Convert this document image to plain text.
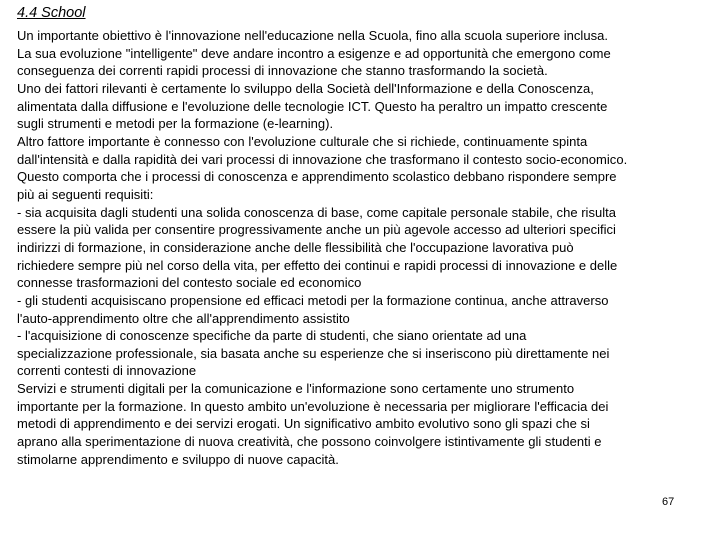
4.4 School
Un importante obiettivo è l'innovazione nell'educazione nella Scuola, fino alla scuola superiore inclusa.
La sua evoluzione "intelligente" deve andare incontro a esigenze e ad opportunità che emergono come
conseguenza dei correnti rapidi processi di innovazione che stanno trasformando la società.
Uno dei fattori rilevanti è certamente lo sviluppo della Società dell'Informazione e della Conoscenza,
alimentata dalla diffusione e l'evoluzione delle tecnologie ICT. Questo ha peraltro un impatto crescente
sugli strumenti e metodi per la formazione (e-learning).
Altro fattore importante è connesso con l'evoluzione culturale che si richiede, continuamente spinta
dall'intensità e dalla rapidità dei vari processi di innovazione che trasformano il contesto socio-economico.
Questo comporta che i processi di conoscenza e apprendimento scolastico debbano rispondere sempre
più ai seguenti requisiti:
- sia acquisita dagli studenti una solida conoscenza di base, come capitale personale stabile, che risulta
essere la più valida per consentire progressivamente anche un più agevole accesso ad ulteriori specifici
indirizzi di formazione, in considerazione anche delle flessibilità che l'occupazione lavorativa può
richiedere sempre più nel corso della vita, per effetto dei continui e rapidi processi di innovazione e delle
connesse trasformazioni del contesto sociale ed economico
- gli studenti acquisiscano propensione ed efficaci metodi per la formazione continua, anche attraverso
l'auto-apprendimento oltre che all'apprendimento assistito
- l'acquisizione di conoscenze specifiche da parte di studenti, che siano orientate ad una
specializzazione professionale, sia basata anche su esperienze che si inseriscono più direttamente nei
correnti contesti di innovazione
Servizi e strumenti digitali per la comunicazione e l'informazione sono certamente uno strumento
importante per la formazione. In questo ambito un'evoluzione è necessaria per migliorare l'efficacia dei
metodi di apprendimento e dei servizi erogati. Un significativo ambito evolutivo sono gli spazi che si
aprano alla sperimentazione di nuova creatività, che possono coinvolgere istintivamente gli studenti e
stimolarne apprendimento e sviluppo di nuove capacità.
67
